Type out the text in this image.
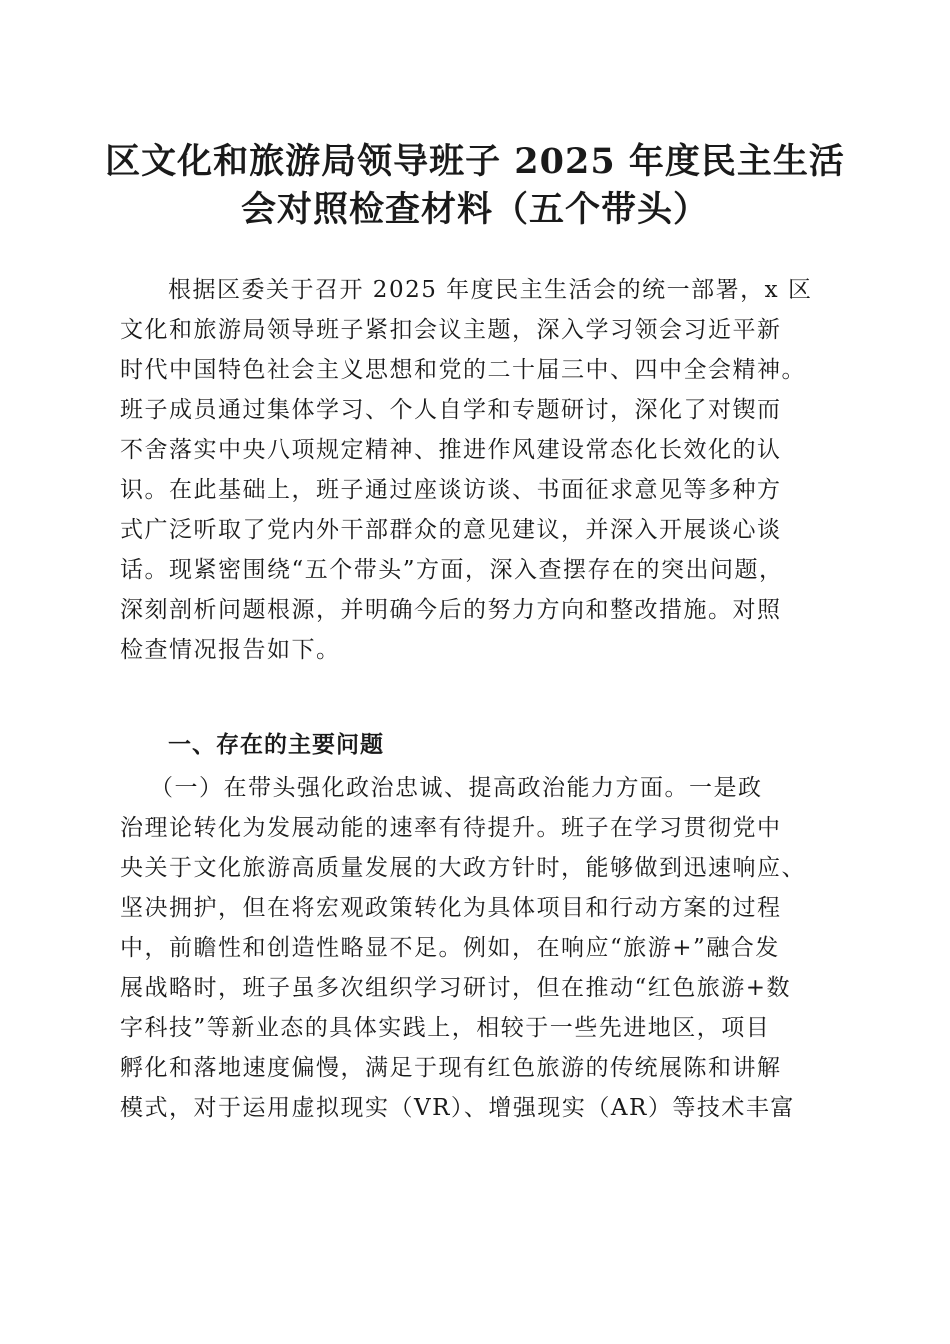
区文化和旅游局领导班子 2025 年度民主生活
会对照检查材料（五个带头）
根据区委关于召开 2025 年度民主生活会的统一部署，x 区
文化和旅游局领导班子紧扣会议主题，深入学习领会习近平新
时代中国特色社会主义思想和党的二十届三中、四中全会精神。
班子成员通过集体学习、个人自学和专题研讨，深化了对锲而
不舍落实中央八项规定精神、推进作风建设常态化长效化的认
识。在此基础上，班子通过座谈访谈、书面征求意见等多种方
式广泛听取了党内外干部群众的意见建议，并深入开展谈心谈
话。现紧密围绕“五个带头”方面，深入查摆存在的突出问题，
深刻剖析问题根源，并明确今后的努力方向和整改措施。对照
检查情况报告如下。
一、存在的主要问题
（一）在带头强化政治忠诚、提高政治能力方面。一是政
治理论转化为发展动能的速率有待提升。班子在学习贯彻党中
央关于文化旅游高质量发展的大政方针时，能够做到迅速响应、
坚决拥护，但在将宏观政策转化为具体项目和行动方案的过程
中，前瞻性和创造性略显不足。例如，在响应“旅游+”融合发
展战略时，班子虽多次组织学习研讨，但在推动“红色旅游+数
字科技”等新业态的具体实践上，相较于一些先进地区，项目
孵化和落地速度偏慢，满足于现有红色旅游的传统展陈和讲解
模式，对于运用虚拟现实（VR）、增强现实（AR）等技术丰富
